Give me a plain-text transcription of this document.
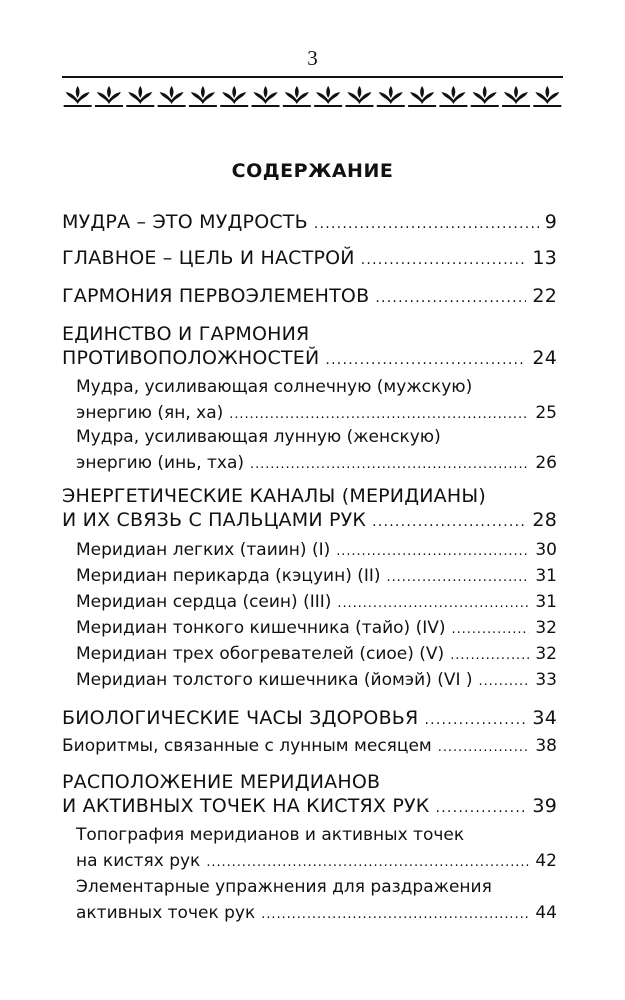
3
СОДЕРЖАНИЕ
МУДРА – ЭТО МУДРОСТЬ . . .	9
ГЛАВНОЕ – ЦЕЛЬ И НАСТРОЙ . . .	13
ГАРМОНИЯ ПЕРВОЭЛЕМЕНТОВ . . .	22
ЕДИНСТВО И ГАРМОНИЯ
ПРОТИВОПОЛОЖНОСТЕЙ . . .	24
Мудра, усиливающая солнечную (мужскую)
энергию (ян, ха) . . .	25
Мудра, усиливающая лунную (женскую)
энергию (инь, тха) . . .	26
ЭНЕРГЕТИЧЕСКИЕ КАНАЛЫ (МЕРИДИАНЫ)
И ИХ СВЯЗЬ С ПАЛЬЦАМИ РУК . . .	28
Меридиан легких (таиин) (I) . . .	30
Меридиан перикарда (кэцуин) (II) . . .	31
Меридиан сердца (сеин) (III) . . .	31
Меридиан тонкого кишечника (тайо) (IV) . . .	32
Меридиан трех обогревателей (сиое) (V) . . .	32
Меридиан толстого кишечника (йомэй) (VI ) . . .	33
БИОЛОГИЧЕСКИЕ ЧАСЫ ЗДОРОВЬЯ . . .	34
Биоритмы, связанные с лунным месяцем . . .	38
РАСПОЛОЖЕНИЕ МЕРИДИАНОВ
И АКТИВНЫХ ТОЧЕК НА КИСТЯХ РУК . . .	39
Топография меридианов и активных точек
на кистях рук . . .	42
Элементарные упражнения для раздражения
активных точек рук . . .	44
